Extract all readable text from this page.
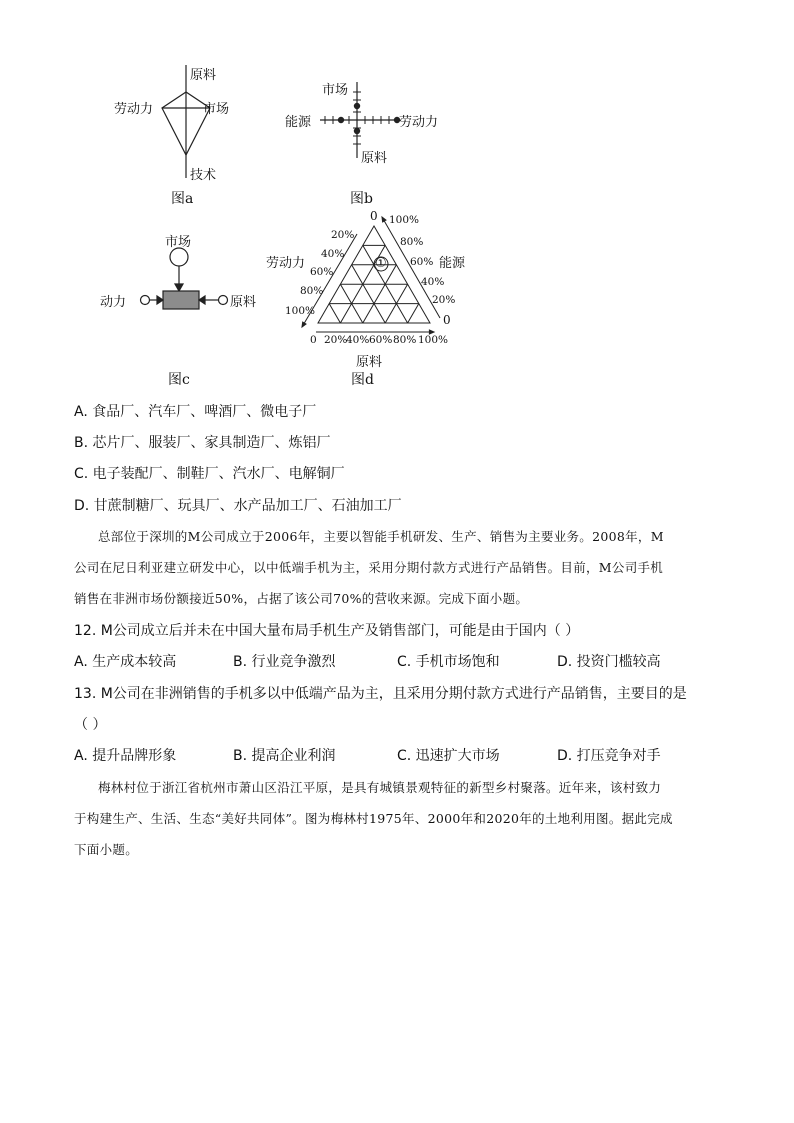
原料
劳动力	市场
技术
图a
市场
能源	劳动力
原料
图b
市场
动力	原料
图c
0
劳动力	能源
原料
①
图d
20%
40%
60%
80%
100%
100%
80%
60%
40%
20%
0
0 20%
40% 60% 80% 100%
A. 食品厂、汽车厂、啤酒厂、微电子厂
B. 芯片厂、服装厂、家具制造厂、炼铝厂
C. 电子装配厂、制鞋厂、汽水厂、电解铜厂
D. 甘蔗制糖厂、玩具厂、水产品加工厂、石油加工厂
总部位于深圳的M公司成立于2006年，主要以智能手机研发、生产、销售为主要业务。2008年，M
公司在尼日利亚建立研发中心，以中低端手机为主，采用分期付款方式进行产品销售。目前，M公司手机
销售在非洲市场份额接近50%，占据了该公司70%的营收来源。完成下面小题。
12. M公司成立后并未在中国大量布局手机生产及销售部门，可能是由于国内（ ）
A. 生产成本较高	B. 行业竞争激烈	C. 手机市场饱和	D. 投资门槛较高
13. M公司在非洲销售的手机多以中低端产品为主，且采用分期付款方式进行产品销售，主要目的是
（ ）
A. 提升品牌形象	B. 提高企业利润	C. 迅速扩大市场	D. 打压竞争对手
梅林村位于浙江省杭州市萧山区沿江平原，是具有城镇景观特征的新型乡村聚落。近年来，该村致力
于构建生产、生活、生态“美好共同体”。图为梅林村1975年、2000年和2020年的土地利用图。据此完成
下面小题。
